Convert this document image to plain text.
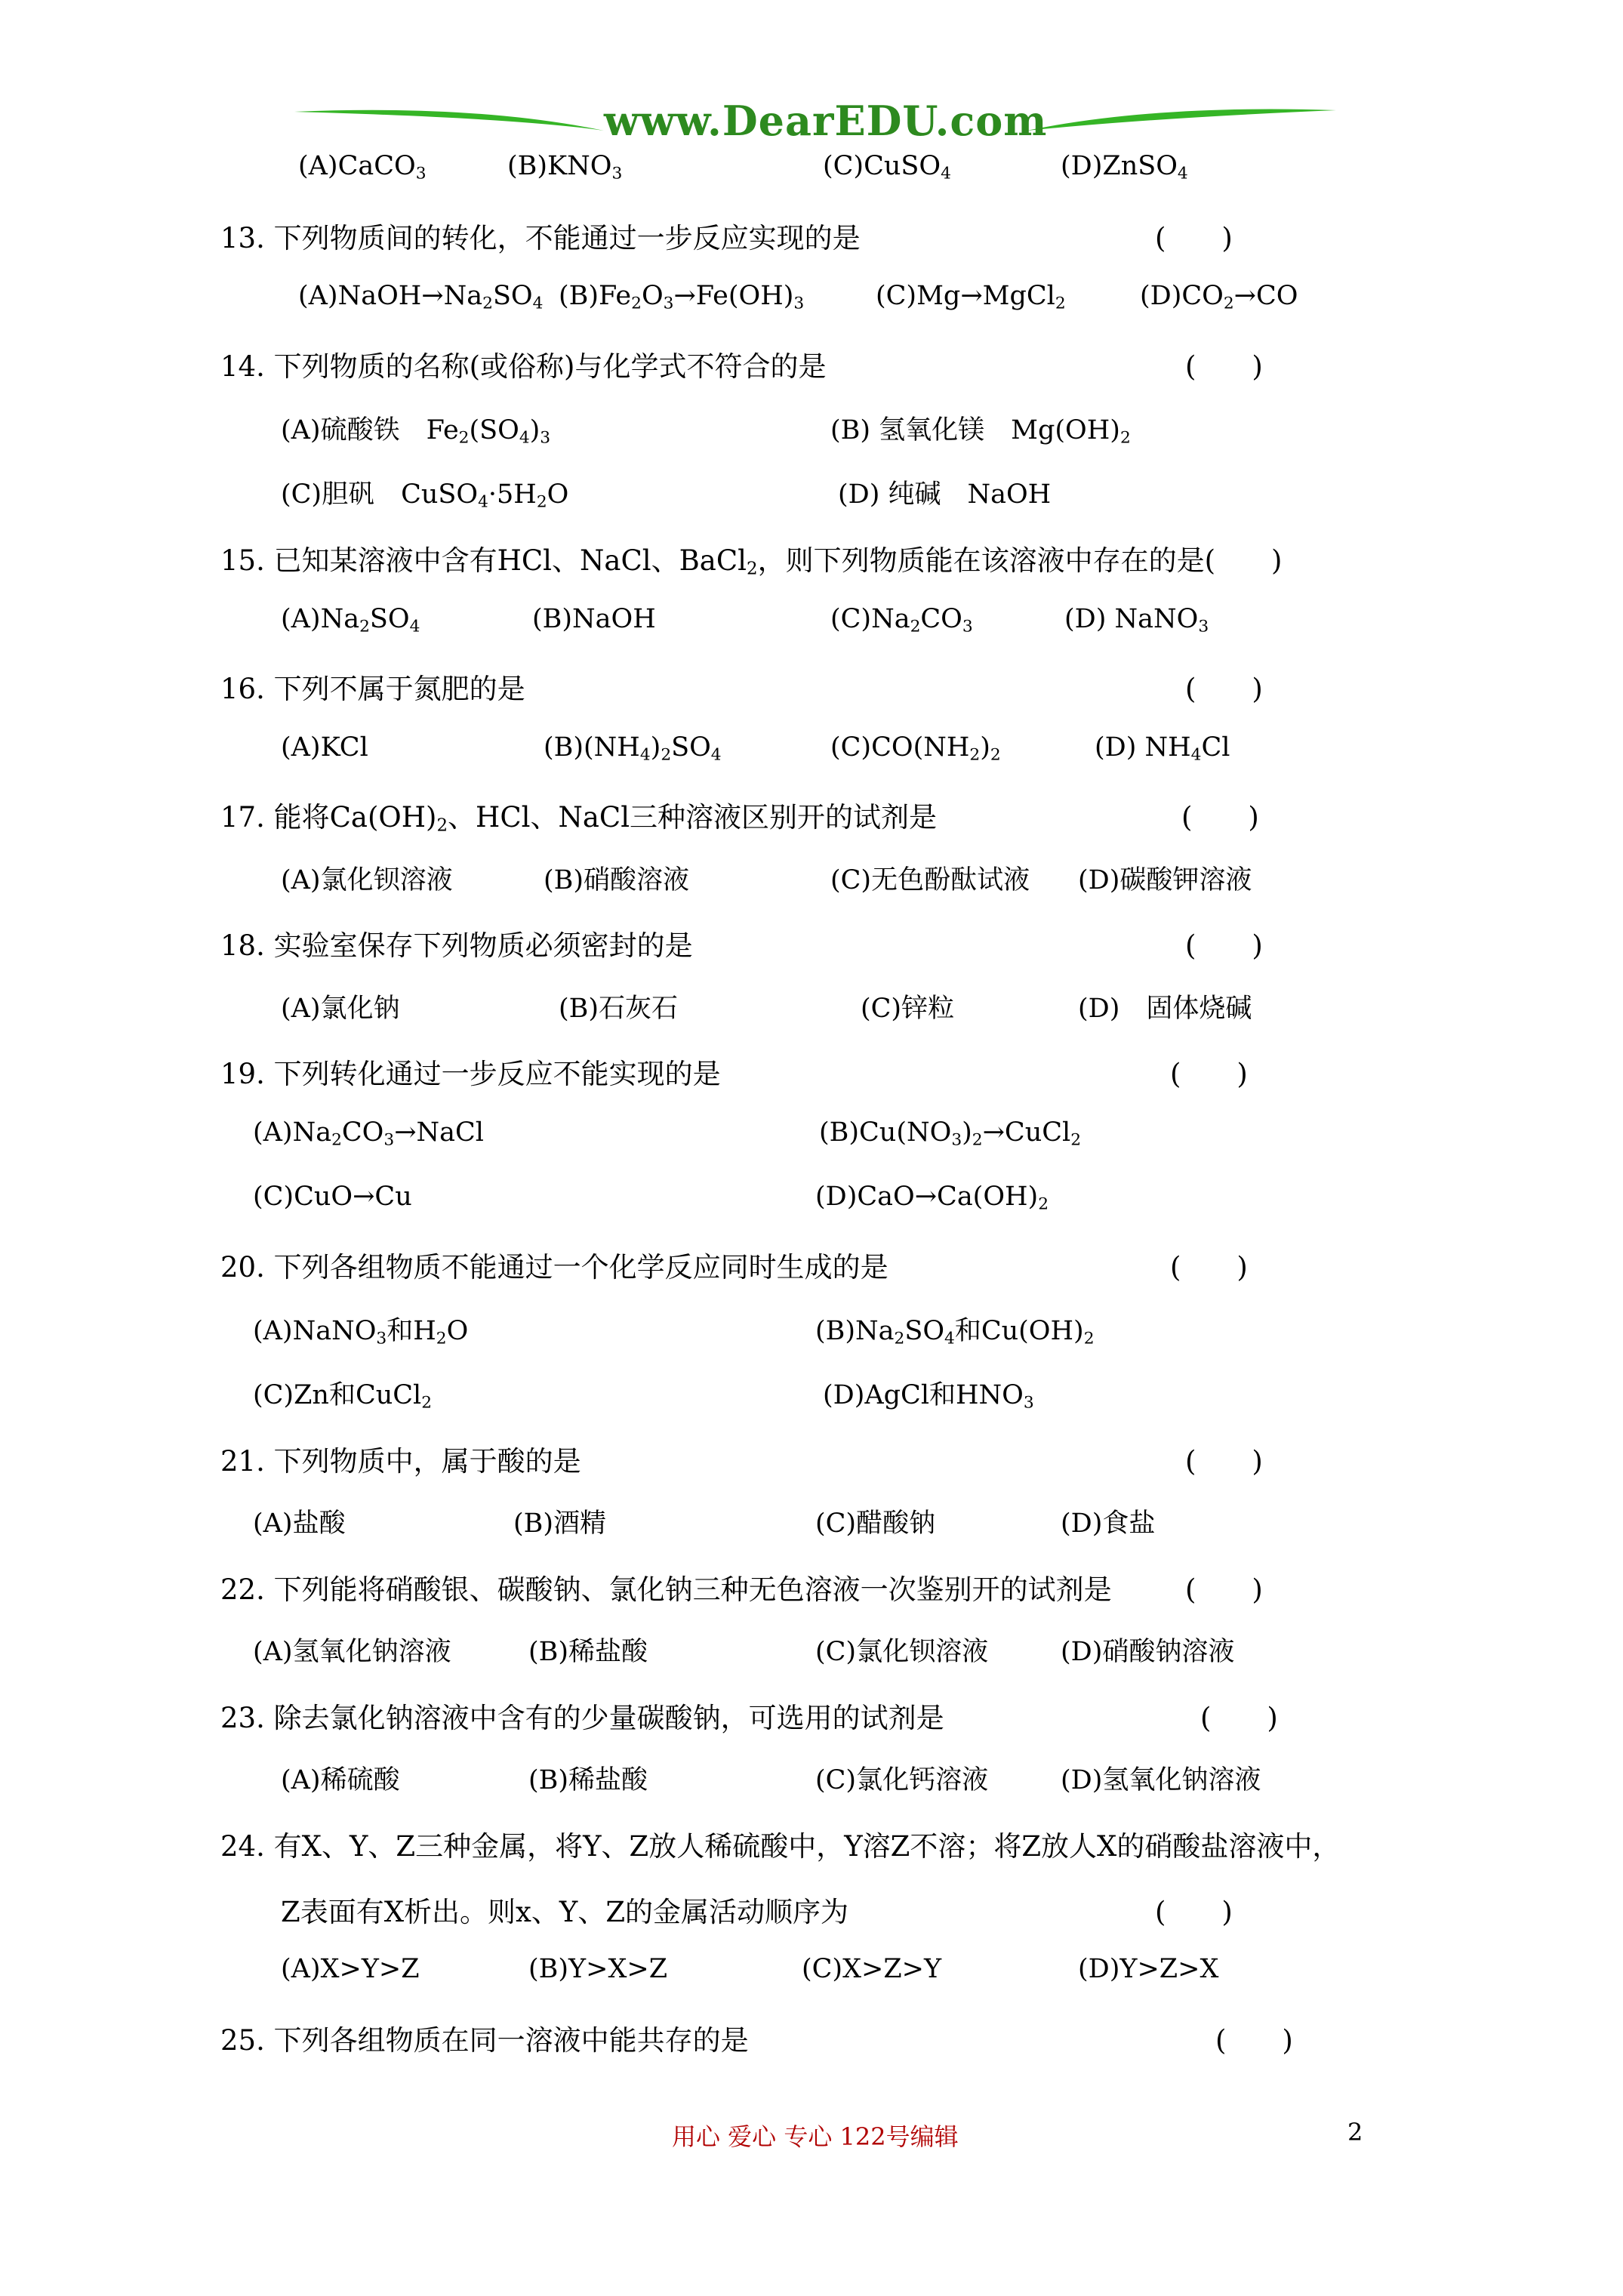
www.DearEDU.com
(A)CaCO$_3$	$(B)KNO_3$	(C)CuSO$_4$	(D)ZnSO$_4$
13. 下列物质间的转化，不能通过一步反应实现的是	(　　)
$(A)NaOH\to Na_2SO_4$ $(B)Fe_2O_3\to Fe(OH)_3$	(C)Mg→MgCl$_2$	$(D)CO_2\to CO$
14. 下列物质的名称(或俗称)与化学式不符合的是	(　　)
(A)硫酸铁　$Fe_2(SO_4)_3$	(B) 氢氧化镁　$Mg(OH)_2$
(C)胆矾　$CuSO_4\cdot 5H_2O$	(D) 纯碱　NaOH
15. 已知某溶液中含有HCl、NaCl、BaCl$_2$，则下列物质能在该溶液中存在的是(　　)
$(A)Na_2SO_4$	(B)NaOH	$(C)Na_2CO_3$	(D) NaNO$_3$
16. 下列不属于氮肥的是	(　　)
(A)KCl	$(B)(NH_4)_2SO_4$	$(C)CO(NH_2)_2$	(D) $NH_4Cl$
17. 能将$Ca(OH)_2$、HCl、NaCl三种溶液区别开的试剂是	(　　)
(A)氯化钡溶液	(B)硝酸溶液	(C)无色酚酞试液 (D)碳酸钾溶液
18. 实验室保存下列物质必须密封的是	(　　)
(A)氯化钠	(B)石灰石	(C)锌粒	(D)　固体烧碱
19. 下列转化通过一步反应不能实现的是	(　　)
$(A)Na_2CO_3\to NaCl$	$(B)Cu(NO_3)_2\to CuCl_2$
(C)CuO→Cu	$(D)CaO\to Ca(OH)_2$
20. 下列各组物质不能通过一个化学反应同时生成的是	(　　)
(A)NaNO$_3$和$H_2O$	$(B)Na_2SO_4$和$Cu(OH)_2$
(C)Zn和CuCl$_2$	(D)AgCl和$HNO_3$
21. 下列物质中，属于酸的是	(　　)
(A)盐酸	(B)酒精	(C)醋酸钠	(D)食盐
22. 下列能将硝酸银、碳酸钠、氯化钠三种无色溶液一次鉴别开的试剂是	(　　)
(A)氢氧化钠溶液	(B)稀盐酸	(C)氯化钡溶液	(D)硝酸钠溶液
23. 除去氯化钠溶液中含有的少量碳酸钠，可选用的试剂是	(　　)
(A)稀硫酸	(B)稀盐酸	(C)氯化钙溶液	(D)氢氧化钠溶液
24. 有X、Y、Z三种金属，将Y、Z放人稀硫酸中，Y溶Z不溶；将Z放人X的硝酸盐溶液中，
Z表面有X析出。则x、Y、Z的金属活动顺序为	(　　)
(A)X>Y>Z	(B)Y>X>Z	(C)X>Z>Y	(D)Y>Z>X
25. 下列各组物质在同一溶液中能共存的是	(　　)
用心 爱心 专心 122号编辑	2
